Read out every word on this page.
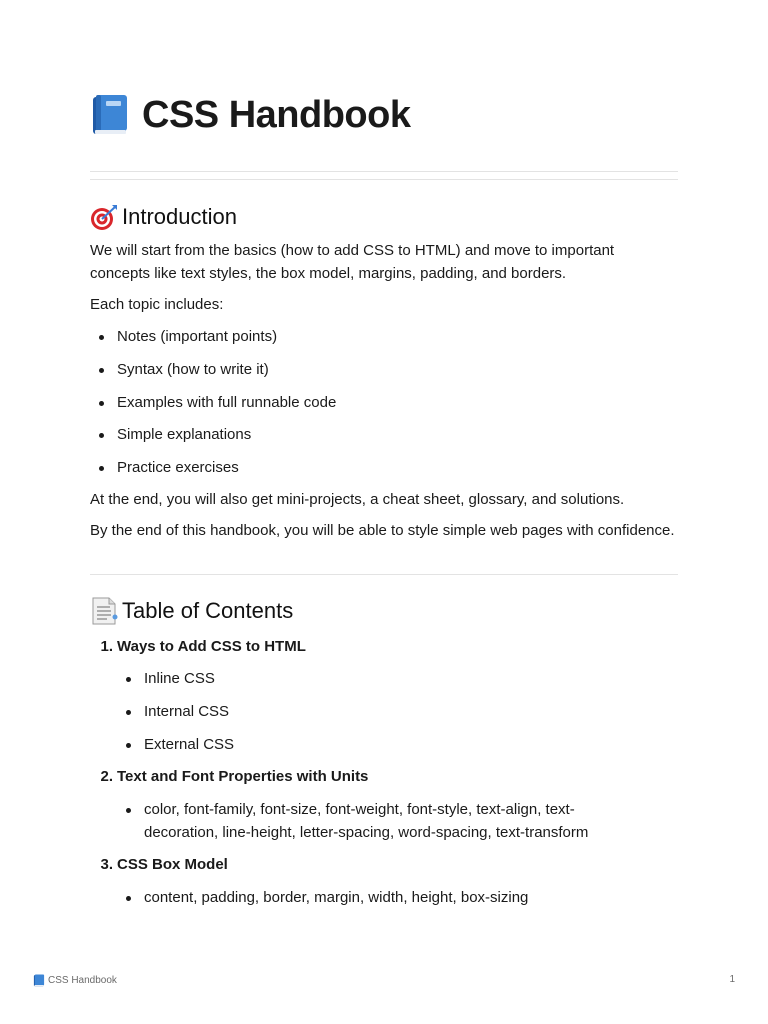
CSS Handbook
Introduction

We will start from the basics (how to add CSS to HTML) and move to important concepts like text styles, the box model, margins, padding, and borders.

Each topic includes:

Notes (important points)
Syntax (how to write it)
Examples with full runnable code
Simple explanations
Practice exercises

At the end, you will also get mini-projects, a cheat sheet, glossary, and solutions.

By the end of this handbook, you will be able to style simple web pages with confidence.

Table of Contents
1. Ways to Add CSS to HTML
Inline CSS
Internal CSS
External CSS
2. Text and Font Properties with Units
color, font-family, font-size, font-weight, font-style, text-align, text-decoration, line-height, letter-spacing, word-spacing, text-transform
3. CSS Box Model
content, padding, border, margin, width, height, box-sizing
CSS Handbook	1
